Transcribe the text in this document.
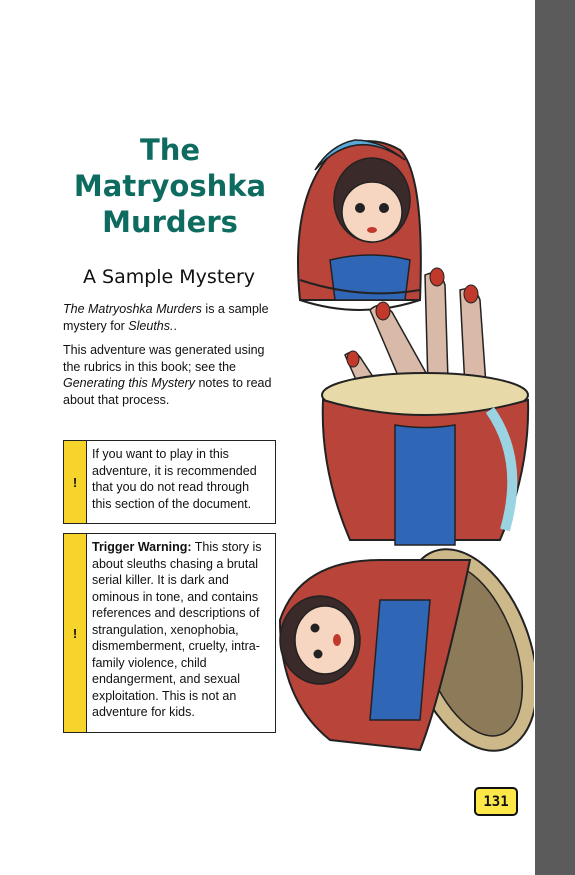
The
Matryoshka
Murders
A Sample Mystery

The Matryoshka Murders is a sample mystery for Sleuths..

This adventure was generated using the rubrics in this book; see the Generating this Mystery notes to read about that process.

!
If you want to play in this adventure, it is recommended that you do not read through this section of the document.
!
Trigger Warning: This story is about sleuths chasing a brutal serial killer. It is dark and ominous in tone, and contains references and descriptions of strangulation, xenophobia, dismemberment, cruelty, intra-family violence, child endangerment, and sexual exploitation. This is not an adventure for kids.
131
